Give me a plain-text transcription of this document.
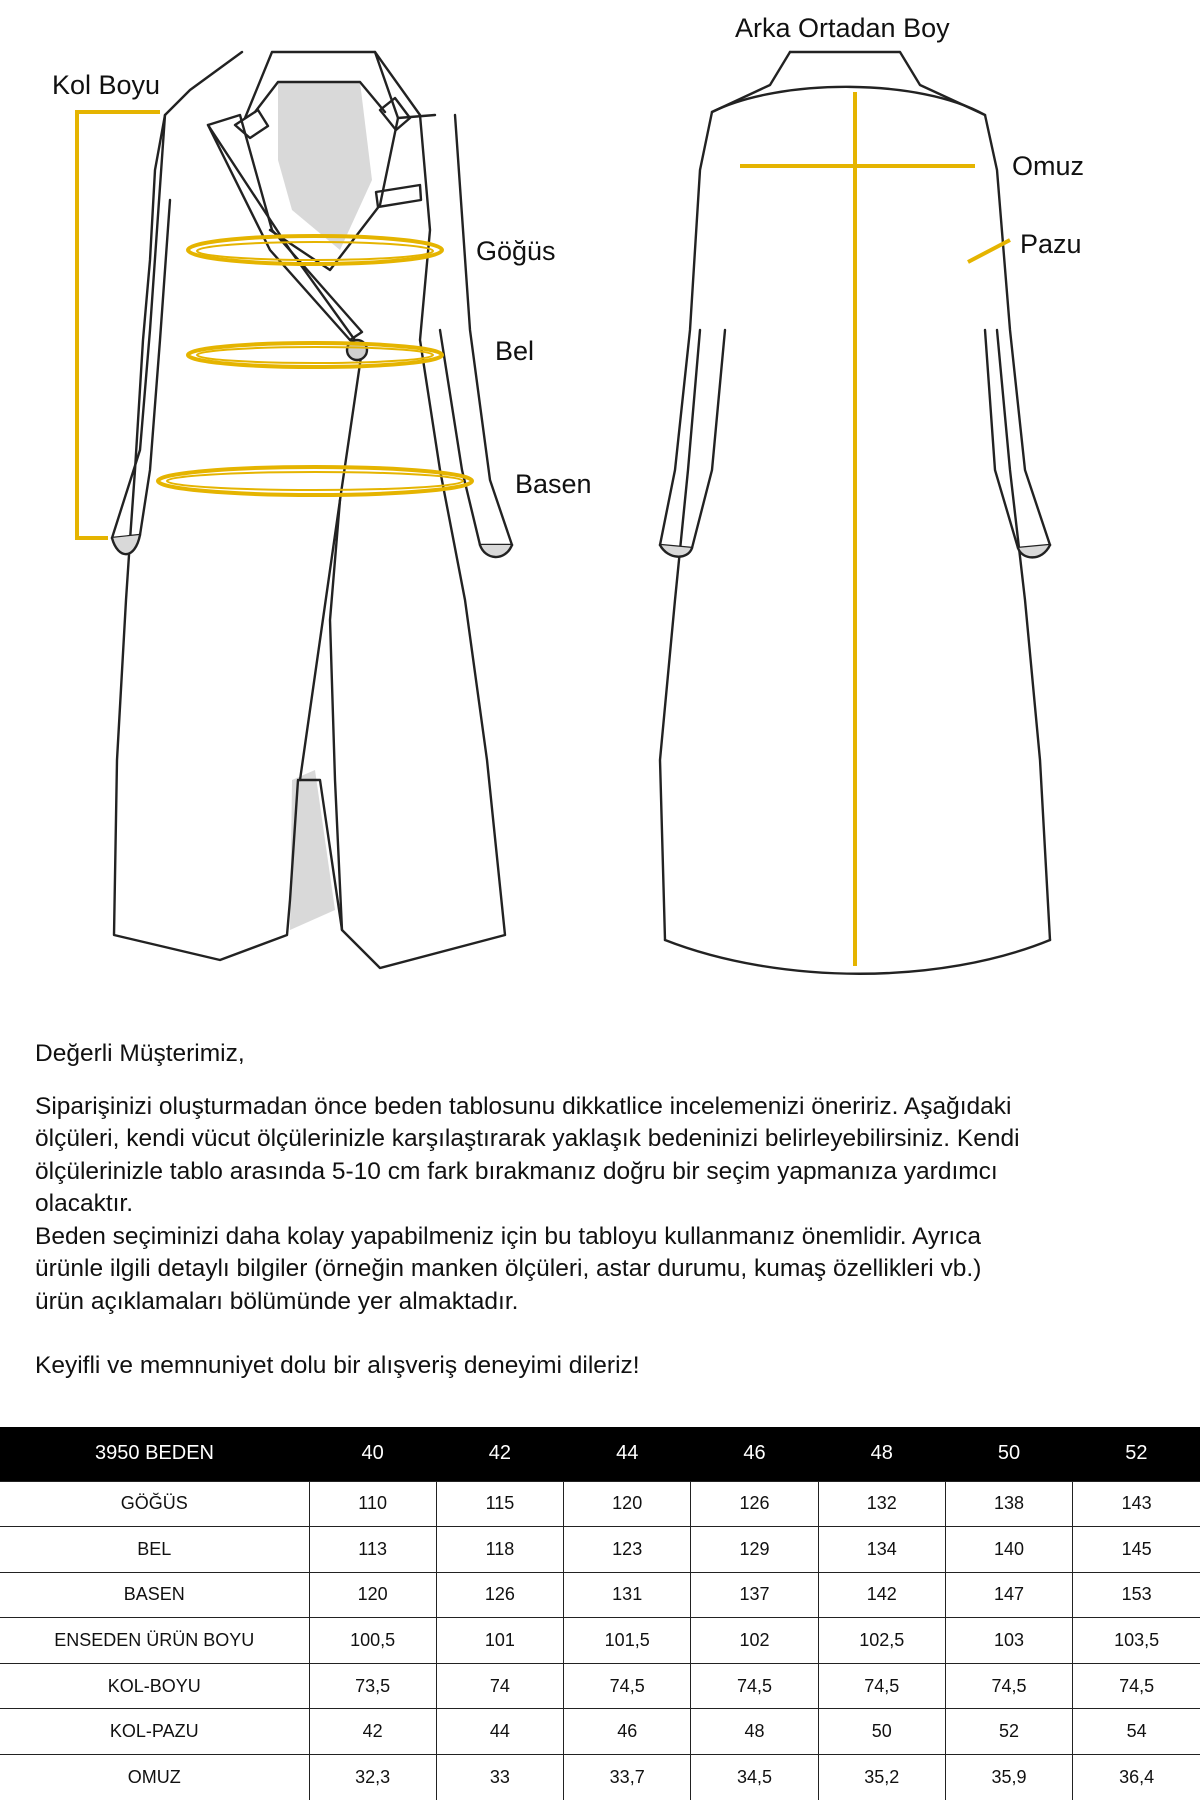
Kol Boyu
Göğüs
Bel
Basen
Arka Ortadan Boy
Omuz
Pazu

Değerli Müşterimiz,

Siparişinizi oluşturmadan önce beden tablosunu dikkatlice incelemenizi öneririz. Aşağıdaki

ölçüleri, kendi vücut ölçülerinizle karşılaştırarak yaklaşık bedeninizi belirleyebilirsiniz. Kendi

ölçülerinizle tablo arasında 5-10 cm fark bırakmanız doğru bir seçim yapmanıza yardımcı

olacaktır.

Beden seçiminizi daha kolay yapabilmeniz için bu tabloyu kullanmanız önemlidir. Ayrıca

ürünle ilgili detaylı bilgiler (örneğin manken ölçüleri, astar durumu, kumaş özellikleri vb.)

ürün açıklamaları bölümünde yer almaktadır.

Keyifli ve memnuniyet dolu bir alışveriş deneyimi dileriz!

3950 BEDEN	40	42	44	46	48	50	52
GÖĞÜS	110	115	120	126	132	138	143
BEL	113	118	123	129	134	140	145
BASEN	120	126	131	137	142	147	153
ENSEDEN ÜRÜN BOYU	100,5	101	101,5	102	102,5	103	103,5
KOL-BOYU	73,5	74	74,5	74,5	74,5	74,5	74,5
KOL-PAZU	42	44	46	48	50	52	54
OMUZ	32,3	33	33,7	34,5	35,2	35,9	36,4
